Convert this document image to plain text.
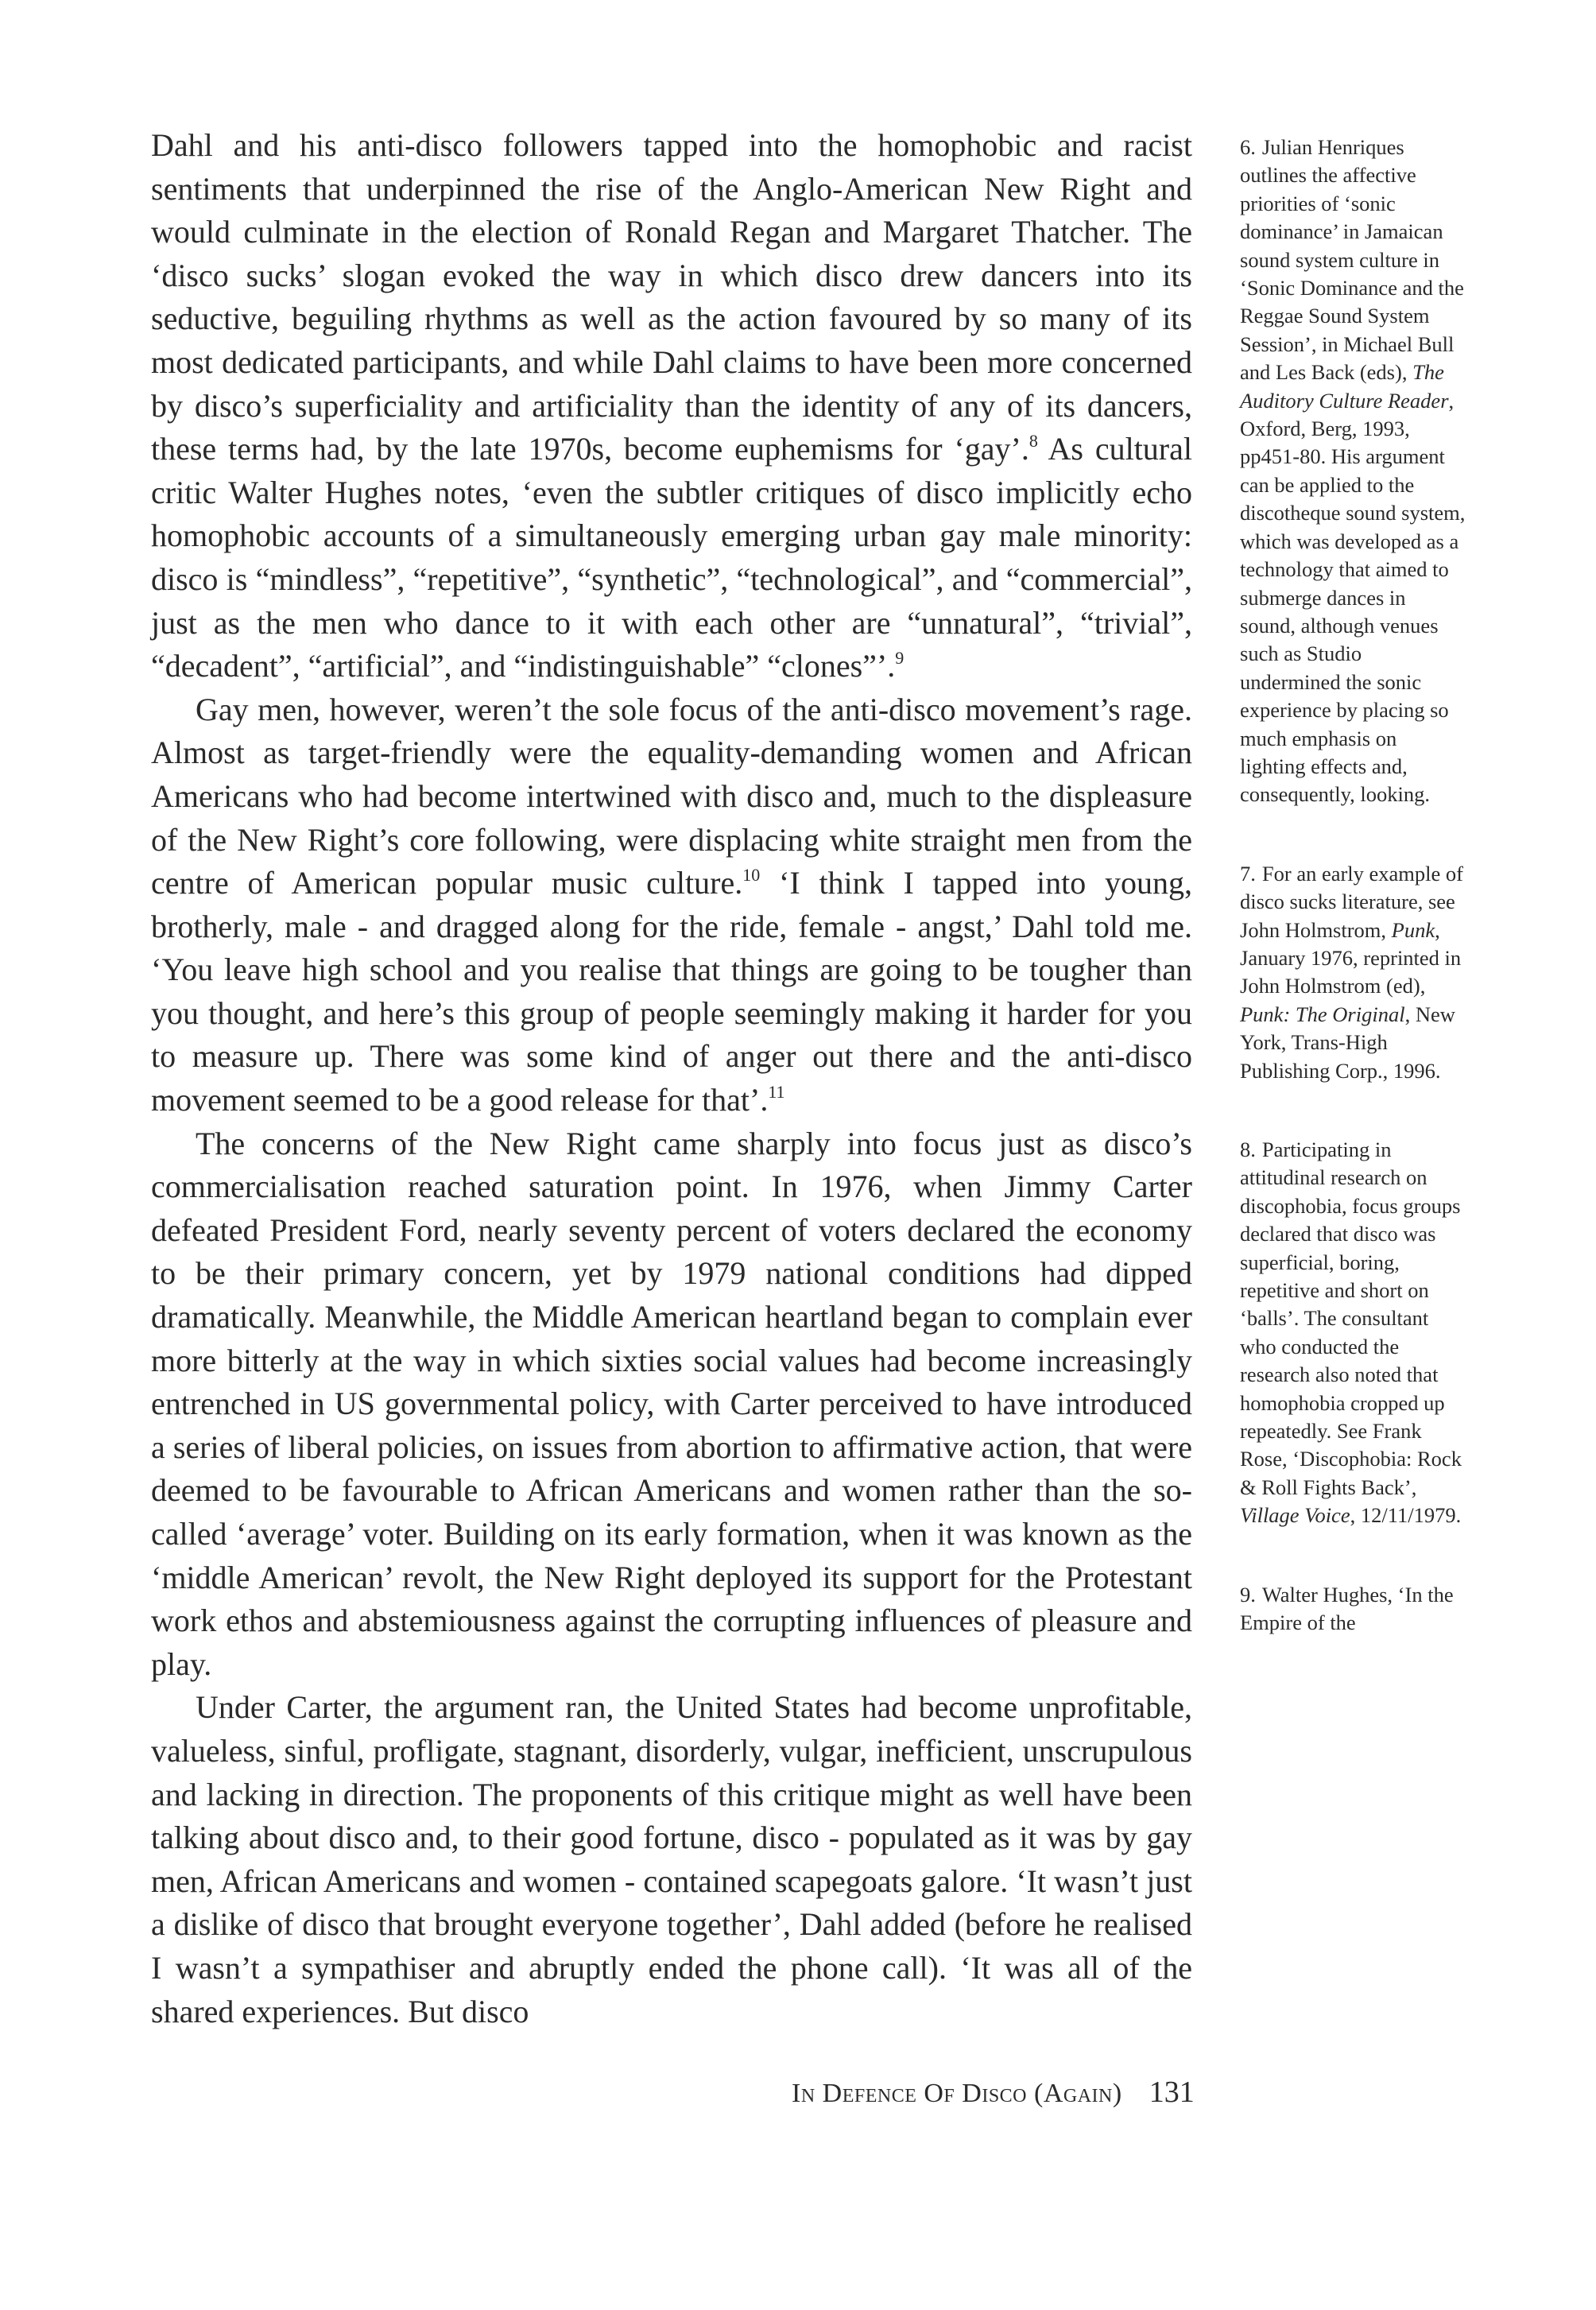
Dahl and his anti-disco followers tapped into the homophobic and racist sentiments that underpinned the rise of the Anglo-American New Right and would culminate in the election of Ronald Regan and Margaret Thatcher. The ‘disco sucks’ slogan evoked the way in which disco drew dancers into its seductive, beguiling rhythms as well as the action favoured by so many of its most dedicated participants, and while Dahl claims to have been more concerned by disco’s superficiality and artificiality than the identity of any of its dancers, these terms had, by the late 1970s, become euphemisms for ‘gay’.$^8$ As cultural critic Walter Hughes notes, ‘even the subtler critiques of disco implicitly echo homophobic accounts of a simultaneously emerging urban gay male minority: disco is “mindless”, “repetitive”, “synthetic”, “technological”, and “commercial”, just as the men who dance to it with each other are “unnatural”, “trivial”, “decadent”, “artificial”, and “indistinguishable” “clones”’.$^9$

Gay men, however, weren’t the sole focus of the anti-disco movement’s rage. Almost as target-friendly were the equality-demanding women and African Americans who had become intertwined with disco and, much to the displeasure of the New Right’s core following, were displacing white straight men from the centre of American popular music culture.$^{10}$ ‘I think I tapped into young, brotherly, male - and dragged along for the ride, female - angst,’ Dahl told me. ‘You leave high school and you realise that things are going to be tougher than you thought, and here’s this group of people seemingly making it harder for you to measure up. There was some kind of anger out there and the anti-disco movement seemed to be a good release for that’.$^{11}$

The concerns of the New Right came sharply into focus just as disco’s commercialisation reached saturation point. In 1976, when Jimmy Carter defeated President Ford, nearly seventy percent of voters declared the economy to be their primary concern, yet by 1979 national conditions had dipped dramatically. Meanwhile, the Middle American heartland began to complain ever more bitterly at the way in which sixties social values had become increasingly entrenched in US governmental policy, with Carter perceived to have introduced a series of liberal policies, on issues from abortion to affirmative action, that were deemed to be favourable to African Americans and women rather than the so-called ‘average’ voter. Building on its early formation, when it was known as the ‘middle American’ revolt, the New Right deployed its support for the Protestant work ethos and abstemiousness against the corrupting influences of pleasure and play.

Under Carter, the argument ran, the United States had become unprofitable, valueless, sinful, profligate, stagnant, disorderly, vulgar, inefficient, unscrupulous and lacking in direction. The proponents of this critique might as well have been talking about disco and, to their good fortune, disco - populated as it was by gay men, African Americans and women - contained scapegoats galore. ‘It wasn’t just a dislike of disco that brought everyone together’, Dahl added (before he realised I wasn’t a sympathiser and abruptly ended the phone call). ‘It was all of the shared experiences. But disco

6. Julian Henriques outlines the affective priorities of ‘sonic dominance’ in Jamaican sound system culture in ‘Sonic Dominance and the Reggae Sound System Session’, in Michael Bull and Les Back (eds), The Auditory Culture Reader, Oxford, Berg, 1993, pp451-80. His argument can be applied to the discotheque sound system, which was developed as a technology that aimed to submerge dances in sound, although venues such as Studio undermined the sonic experience by placing so much emphasis on lighting effects and, consequently, looking.

7. For an early example of disco sucks literature, see John Holmstrom, Punk, January 1976, reprinted in John Holmstrom (ed), Punk: The Original, New York, Trans-High Publishing Corp., 1996.

8. Participating in attitudinal research on discophobia, focus groups declared that disco was superficial, boring, repetitive and short on ‘balls’. The consultant who conducted the research also noted that homophobia cropped up repeatedly. See Frank Rose, ‘Discophobia: Rock & Roll Fights Back’, Village Voice, 12/11/1979.

9. Walter Hughes, ‘In the Empire of the

In Defence Of Disco (Again) 131
